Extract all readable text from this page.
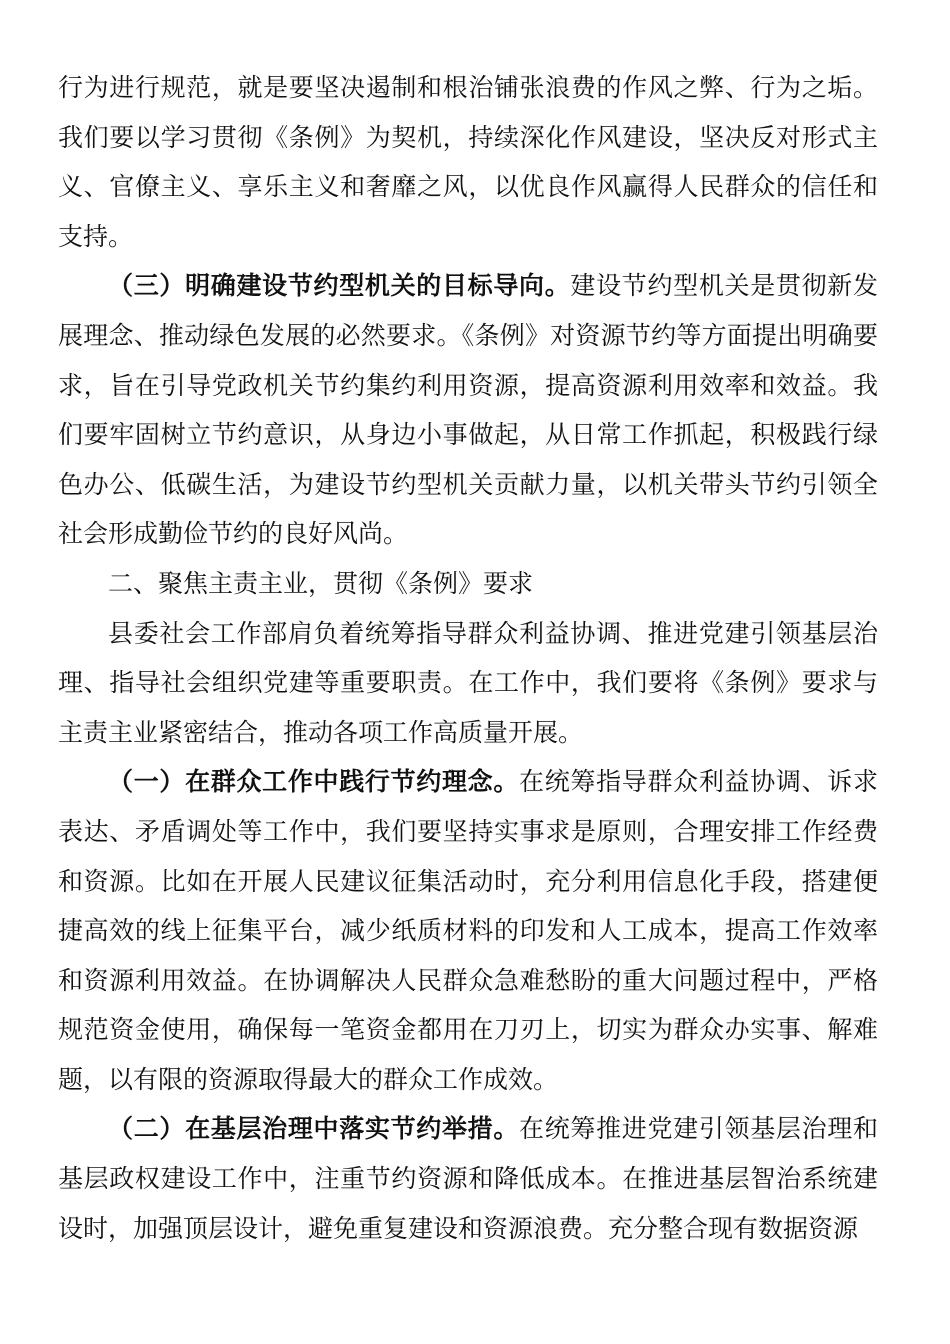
行为进行规范，就是要坚决遏制和根治铺张浪费的作风之弊、行为之垢。我们要以学习贯彻《条例》为契机，持续深化作风建设，坚决反对形式主义、官僚主义、享乐主义和奢靡之风，以优良作风赢得人民群众的信任和支持。

（三）明确建设节约型机关的目标导向。建设节约型机关是贯彻新发展理念、推动绿色发展的必然要求。《条例》对资源节约等方面提出明确要求，旨在引导党政机关节约集约利用资源，提高资源利用效率和效益。我们要牢固树立节约意识，从身边小事做起，从日常工作抓起，积极践行绿色办公、低碳生活，为建设节约型机关贡献力量，以机关带头节约引领全社会形成勤俭节约的良好风尚。

二、聚焦主责主业，贯彻《条例》要求

县委社会工作部肩负着统筹指导群众利益协调、推进党建引领基层治理、指导社会组织党建等重要职责。在工作中，我们要将《条例》要求与主责主业紧密结合，推动各项工作高质量开展。

（一）在群众工作中践行节约理念。在统筹指导群众利益协调、诉求表达、矛盾调处等工作中，我们要坚持实事求是原则，合理安排工作经费和资源。比如在开展人民建议征集活动时，充分利用信息化手段，搭建便捷高效的线上征集平台，减少纸质材料的印发和人工成本，提高工作效率和资源利用效益。在协调解决人民群众急难愁盼的重大问题过程中，严格规范资金使用，确保每一笔资金都用在刀刃上，切实为群众办实事、解难题，以有限的资源取得最大的群众工作成效。

（二）在基层治理中落实节约举措。在统筹推进党建引领基层治理和基层政权建设工作中，注重节约资源和降低成本。在推进基层智治系统建设时，加强顶层设计，避免重复建设和资源浪费。充分整合现有数据资源
